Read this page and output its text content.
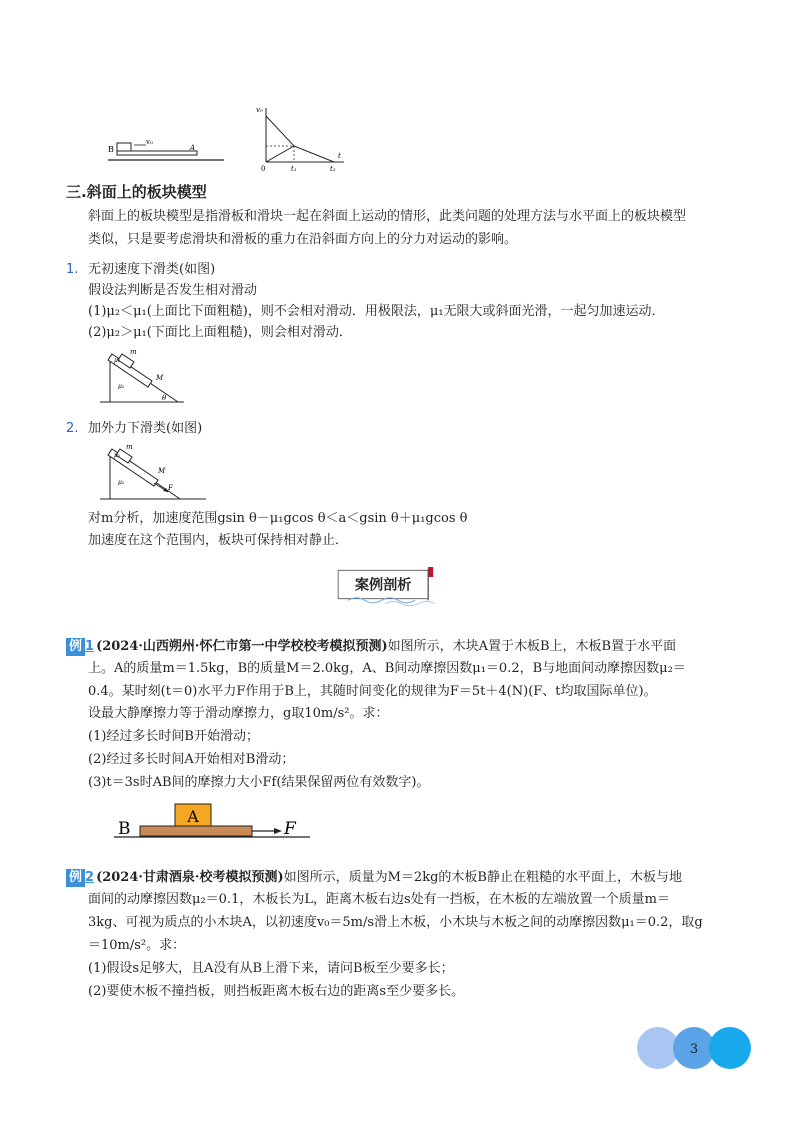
B
v₀
A
v₀
0
t
t₁	t₂
三.斜面上的板块模型
斜面上的板块模型是指滑板和滑块一起在斜面上运动的情形，此类问题的处理方法与水平面上的板块模型
类似，只是要考虑滑块和滑板的重力在沿斜面方向上的分力对运动的影响。
1. 无初速度下滑类(如图)
假设法判断是否发生相对滑动
(1)μ₂＜μ₁(上面比下面粗糙)，则不会相对滑动．用极限法，μ₁无限大或斜面光滑，一起匀加速运动．
(2)μ₂＞μ₁(下面比上面粗糙)，则会相对滑动．
m
μ₁
M
μ₂
θ
2. 加外力下滑类(如图)
m
μ₁
M
μ₂
F
对m分析，加速度范围gsin θ－μ₁gcos θ＜a＜gsin θ＋μ₁gcos θ
加速度在这个范围内，板块可保持相对静止．
案例剖析
例 1 (2024·山西朔州·怀仁市第一中学校校考模拟预测)如图所示，木块A置于木板B上，木板B置于水平面
上。A的质量m＝1.5kg，B的质量M＝2.0kg，A、B间动摩擦因数μ₁＝0.2，B与地面间动摩擦因数μ₂＝
0.4。某时刻(t＝0)水平力F作用于B上，其随时间变化的规律为F＝5t＋4(N)(F、t均取国际单位)。
设最大静摩擦力等于滑动摩擦力，g取10m/s²。求：
(1)经过多长时间B开始滑动；
(2)经过多长时间A开始相对B滑动；
(3)t＝3s时AB间的摩擦力大小Ff(结果保留两位有效数字)。
B
A
F
例 2 (2024·甘肃酒泉·校考模拟预测)如图所示，质量为M＝2kg的木板B静止在粗糙的水平面上，木板与地
面间的动摩擦因数μ₂＝0.1，木板长为L，距离木板右边s处有一挡板，在木板的左端放置一个质量m＝
3kg、可视为质点的小木块A，以初速度v₀＝5m/s滑上木板，小木块与木板之间的动摩擦因数μ₁＝0.2，取g
＝10m/s²。求：
(1)假设s足够大，且A没有从B上滑下来，请问B板至少要多长；
(2)要使木板不撞挡板，则挡板距离木板右边的距离s至少要多长。
3
